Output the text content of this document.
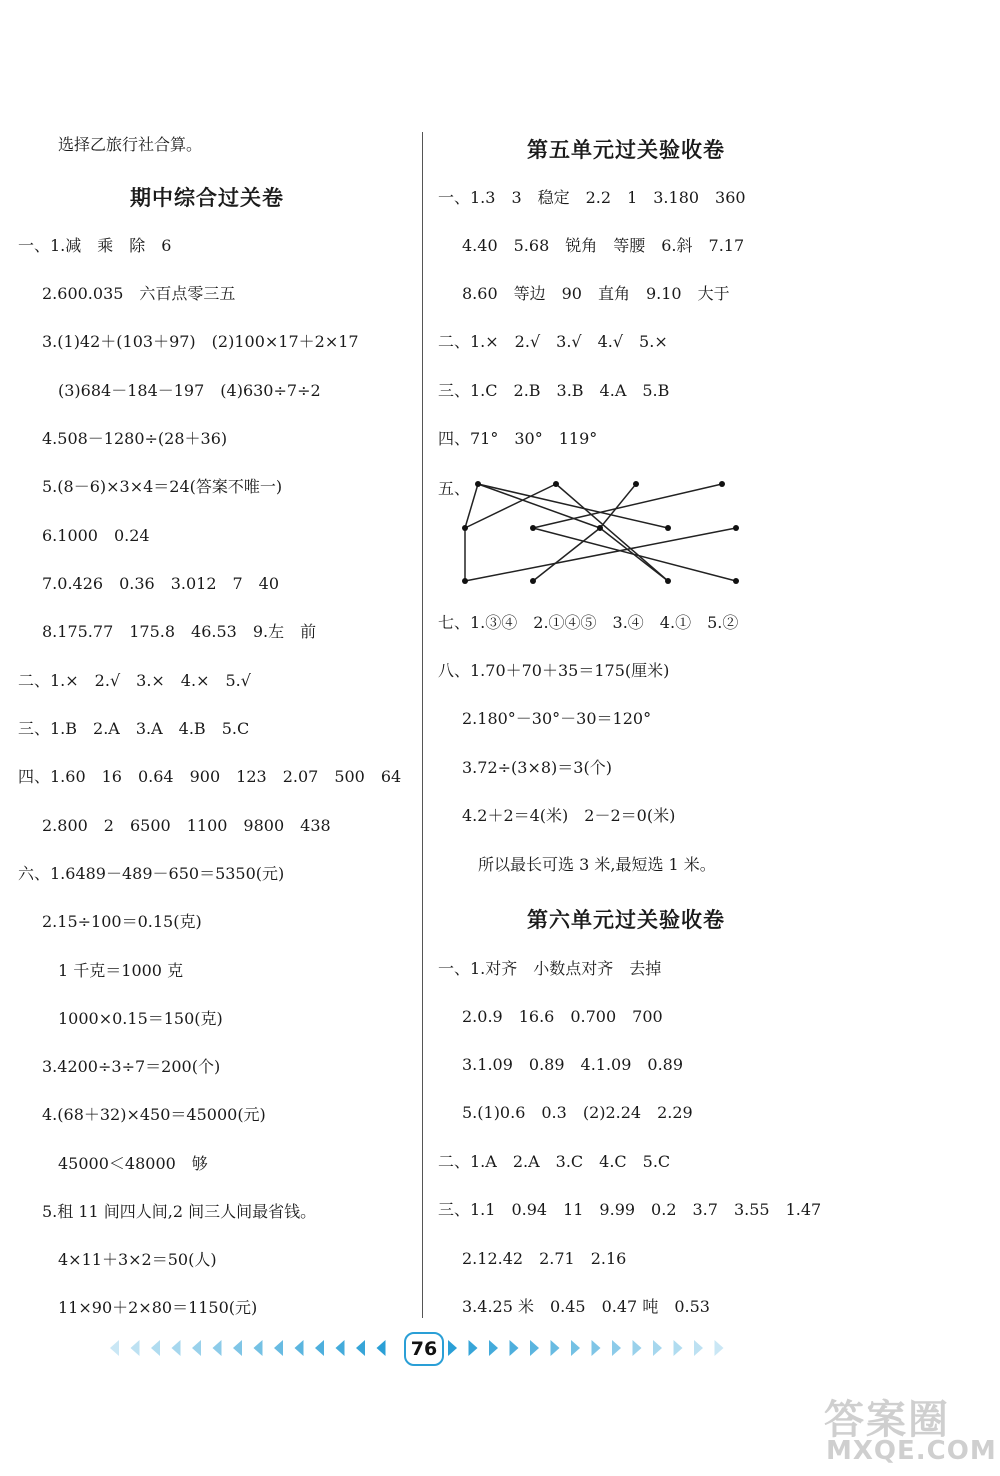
选择乙旅行社合算。
期中综合过关卷
一、1.减　乘　除　6
2.600.035　六百点零三五
3.(1)42＋(103＋97)　(2)100×17＋2×17
(3)684－184－197　(4)630÷7÷2
4.508－1280÷(28＋36)
5.(8－6)×3×4＝24(答案不唯一)
6.1000　0.24
7.0.426　0.36　3.012　7　40
8.175.77　175.8　46.53　9.左　前
二、1.×　2.√　3.×　4.×　5.√
三、1.B　2.A　3.A　4.B　5.C
四、1.60　16　0.64　900　123　2.07　500　64
2.800　2　6500　1100　9800　438
六、1.6489－489－650＝5350(元)
2.15÷100＝0.15(克)
1 千克＝1000 克
1000×0.15＝150(克)
3.4200÷3÷7＝200(个)
4.(68＋32)×450＝45000(元)
45000＜48000　够
5.租 11 间四人间,2 间三人间最省钱。
4×11＋3×2＝50(人)
11×90＋2×80＝1150(元)
第五单元过关验收卷
一、1.3　3　稳定　2.2　1　3.180　360
4.40　5.68　锐角　等腰　6.斜　7.17
8.60　等边　90　直角　9.10　大于
二、1.×　2.√　3.√　4.√　5.×
三、1.C　2.B　3.B　4.A　5.B
四、71°　30°　119°
五、
七、1.③④　2.①④⑤　3.④　4.①　5.②
八、1.70＋70＋35＝175(厘米)
2.180°－30°－30＝120°
3.72÷(3×8)＝3(个)
4.2＋2＝4(米)　2－2＝0(米)
所以最长可选 3 米,最短选 1 米。
第六单元过关验收卷
一、1.对齐　小数点对齐　去掉
2.0.9　16.6　0.700　700
3.1.09　0.89　4.1.09　0.89
5.(1)0.6　0.3　(2)2.24　2.29
二、1.A　2.A　3.C　4.C　5.C
三、1.1　0.94　11　9.99　0.2　3.7　3.55　1.47
2.12.42　2.71　2.16
3.4.25 米　0.45　0.47 吨　0.53
76
答案圈
MXQE.COM
